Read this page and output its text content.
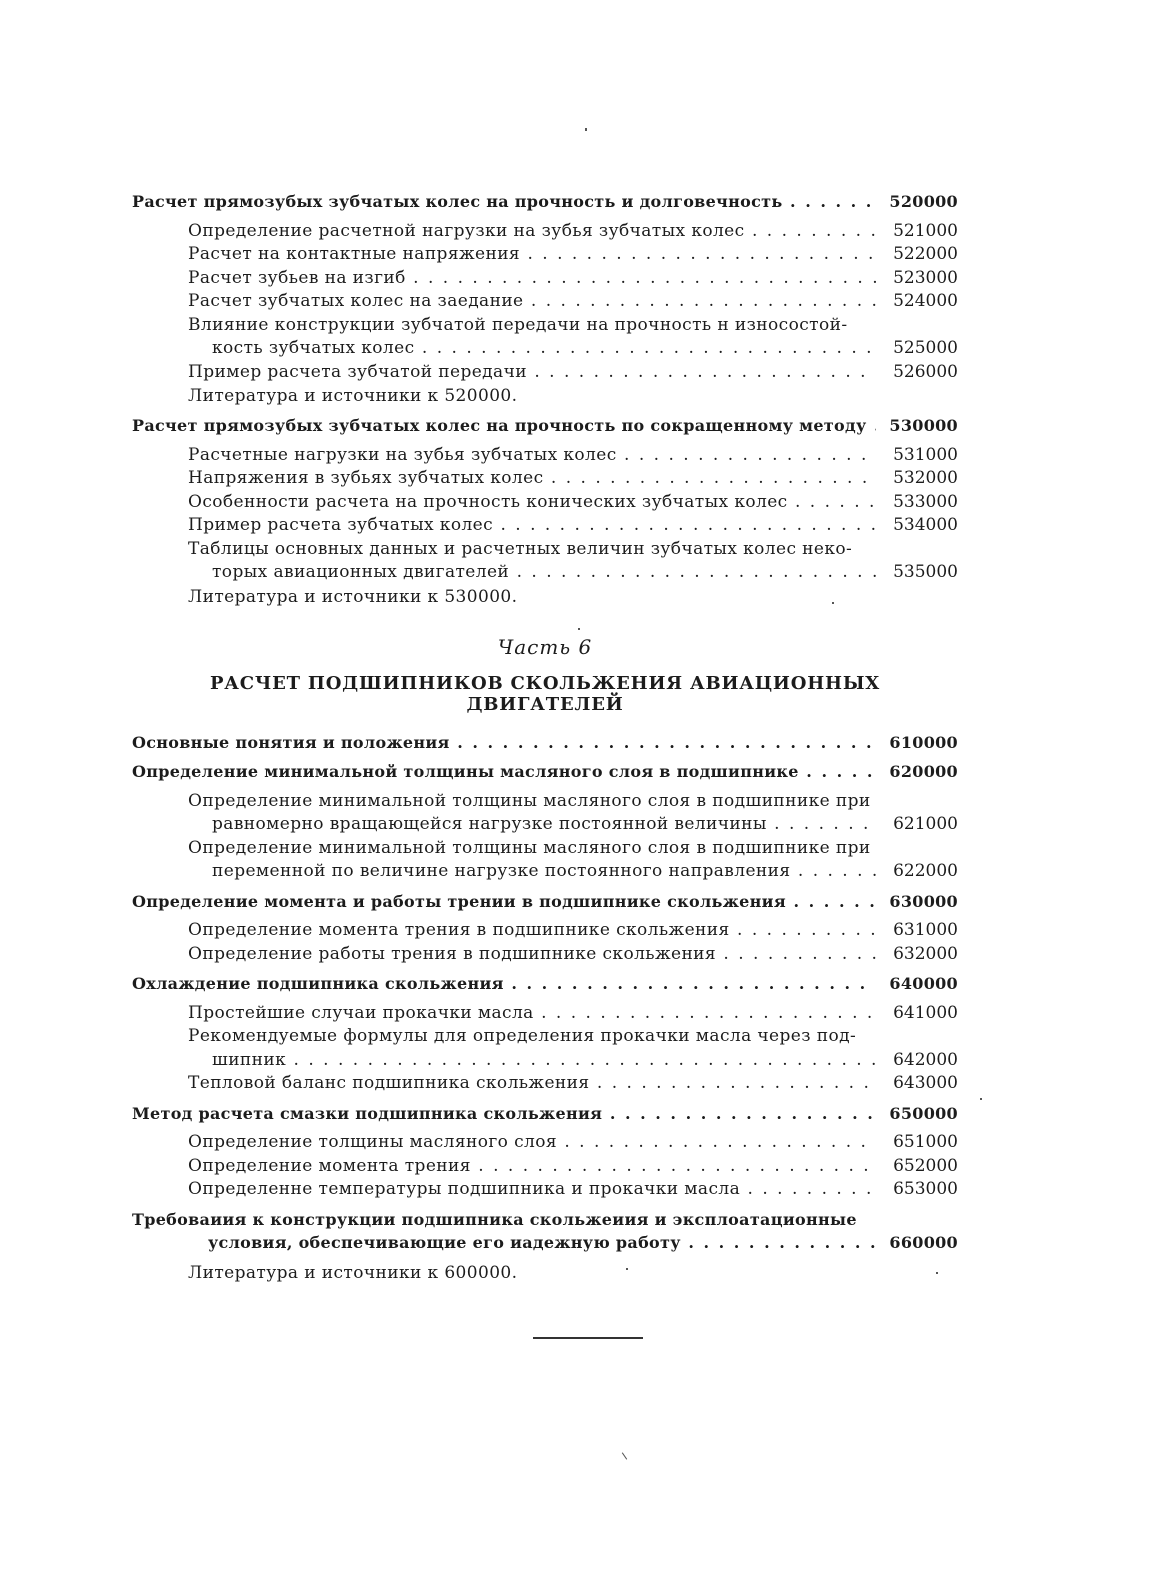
Расчет прямозубых зубчатых колес на прочность и долговечность . . .	520000
Определение расчетной нагрузки на зубья зубчатых колес . . .	521000
Расчет на контактные напряжения . . .	522000
Расчет зубьев на изгиб . . .	523000
Расчет зубчатых колес на заедание . . .	524000
Влияние конструкции зубчатой передачи на прочность н износостой-
кость зубчатых колес . . .	525000
Пример расчета зубчатой передачи . . .	526000
Литература и источники к 520000.
Расчет прямозубых зубчатых колес на прочность по сокращенному методу . . .	530000
Расчетные нагрузки на зубья зубчатых колес . . .	531000
Напряжения в зубьях зубчатых колес . . .	532000
Особенности расчета на прочность конических зубчатых колес . . .	533000
Пример расчета зубчатых колес . . .	534000
Таблицы основных данных и расчетных величин зубчатых колес неко-
торых авиационных двигателей . . .	535000
Литература и источники к 530000.
Часть 6
РАСЧЕТ ПОДШИПНИКОВ СКОЛЬЖЕНИЯ АВИАЦИОННЫХ ДВИГАТЕЛЕЙ
Основные понятия и положения . . .	610000
Определение минимальной толщины масляного слоя в подшипнике . . .	620000
Определение минимальной толщины масляного слоя в подшипнике при
равномерно вращающейся нагрузке постоянной величины . . .	621000
Определение минимальной толщины масляного слоя в подшипнике при
переменной по величине нагрузке постоянного направления . . .	622000
Определение момента и работы трении в подшипнике скольжения . . .	630000
Определение момента трения в подшипнике скольжения . . .	631000
Определение работы трения в подшипнике скольжения . . .	632000
Охлаждение подшипника скольжения . . .	640000
Простейшие случаи прокачки масла . . .	641000
Рекомендуемые формулы для определения прокачки масла через под-
шипник . . .	642000
Тепловой баланс подшипника скольжения . . .	643000
Метод расчета смазки подшипника скольжения . . .	650000
Определение толщины масляного слоя . . .	651000
Определение момента трения . . .	652000
Определенне температуры подшипника и прокачки масла . . .	653000
Требоваиия к конструкции подшипника скольжеиия и эксплоатационные
условия, обеспечивающие его иадежную работу . . .	660000
Литература и источники к 600000.
